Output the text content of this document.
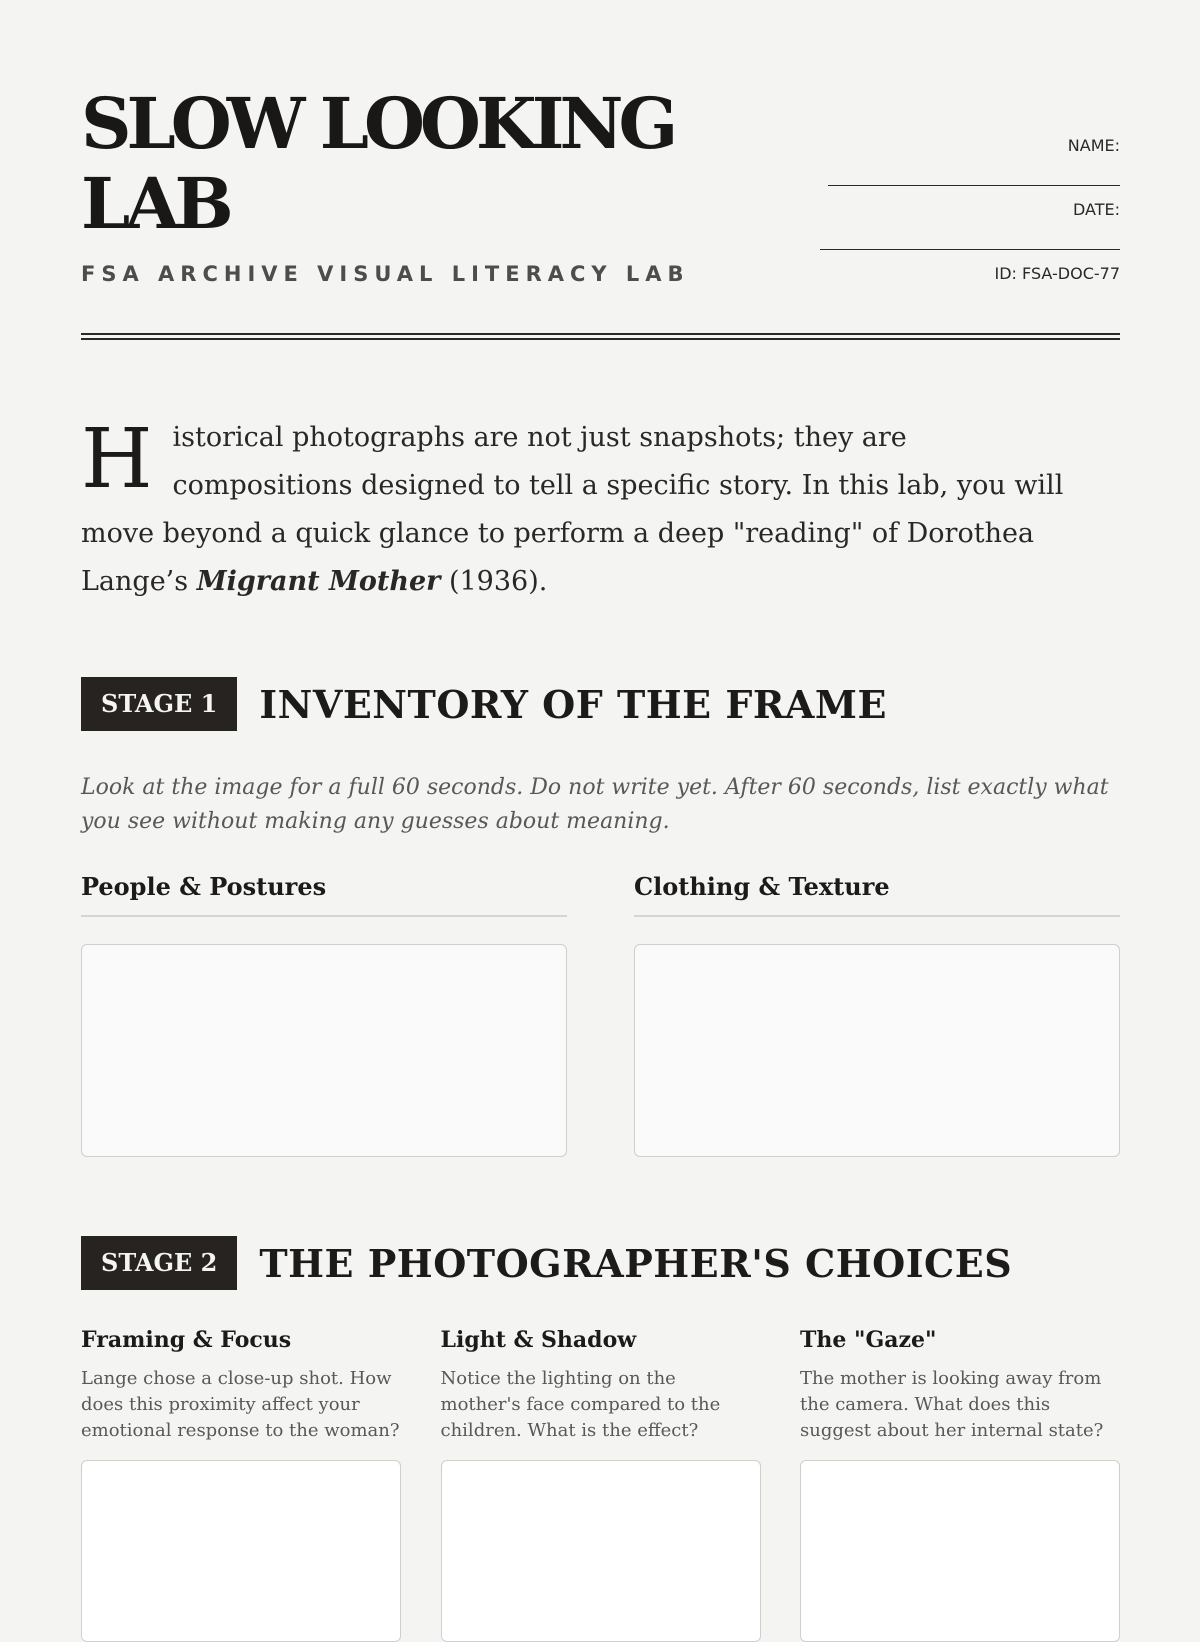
SLOW LOOKING LAB
FSA ARCHIVE VISUAL LITERACY LAB
NAME:
DATE:
ID: FSA-DOC-77
Historical photographs are not just snapshots; they are compositions designed to tell a specific story. In this lab, you will move beyond a quick glance to perform a deep "reading" of Dorothea Lange’s Migrant Mother (1936).
STAGE 1	INVENTORY OF THE FRAME
Look at the image for a full 60 seconds. Do not write yet. After 60 seconds, list exactly what you see without making any guesses about meaning.
People & Postures	Clothing & Texture
STAGE 2	THE PHOTOGRAPHER'S CHOICES
Framing & Focus
Lange chose a close-up shot. How does this proximity affect your emotional response to the woman?
Light & Shadow
Notice the lighting on the mother's face compared to the children. What is the effect?
The "Gaze"
The mother is looking away from the camera. What does this suggest about her internal state?
